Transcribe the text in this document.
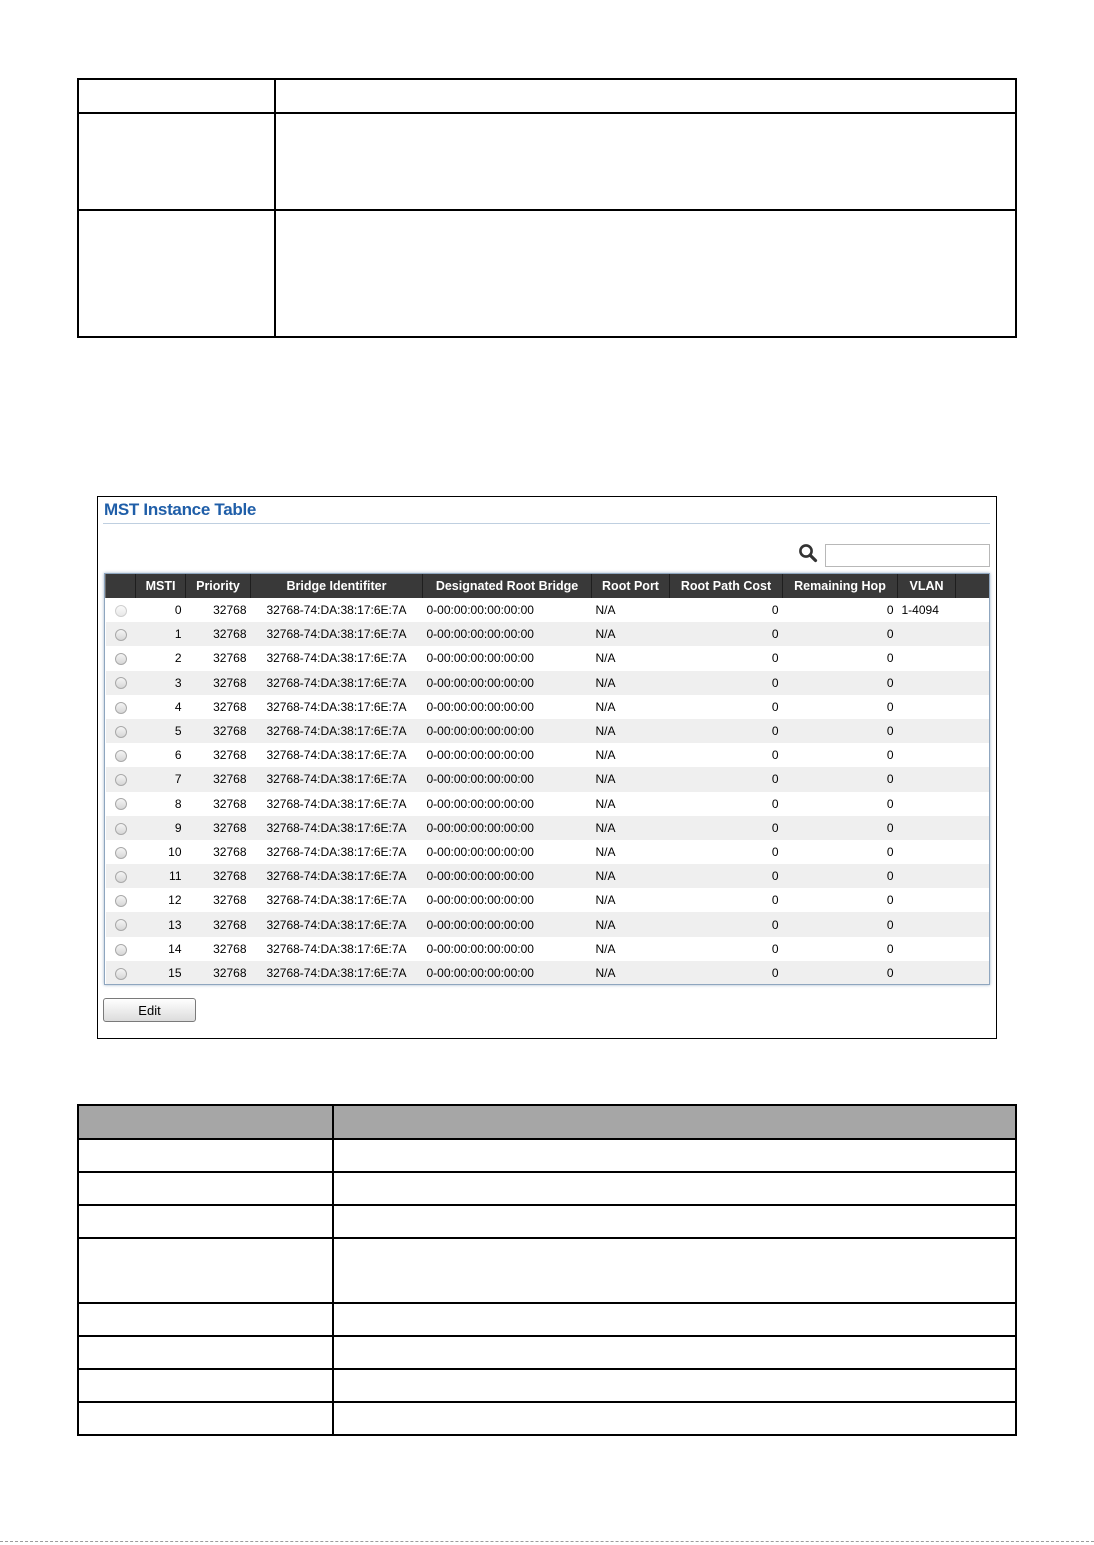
MST Instance Table
	MSTI	Priority	Bridge Identifiter	Designated Root Bridge	Root Port	Root Path Cost	Remaining Hop	VLAN	
	0	32768	32768-74:DA:38:17:6E:7A	0-00:00:00:00:00:00	N/A	0	0	1-4094	
	1	32768	32768-74:DA:38:17:6E:7A	0-00:00:00:00:00:00	N/A	0	0		
	2	32768	32768-74:DA:38:17:6E:7A	0-00:00:00:00:00:00	N/A	0	0		
	3	32768	32768-74:DA:38:17:6E:7A	0-00:00:00:00:00:00	N/A	0	0		
	4	32768	32768-74:DA:38:17:6E:7A	0-00:00:00:00:00:00	N/A	0	0		
	5	32768	32768-74:DA:38:17:6E:7A	0-00:00:00:00:00:00	N/A	0	0		
	6	32768	32768-74:DA:38:17:6E:7A	0-00:00:00:00:00:00	N/A	0	0		
	7	32768	32768-74:DA:38:17:6E:7A	0-00:00:00:00:00:00	N/A	0	0		
	8	32768	32768-74:DA:38:17:6E:7A	0-00:00:00:00:00:00	N/A	0	0		
	9	32768	32768-74:DA:38:17:6E:7A	0-00:00:00:00:00:00	N/A	0	0		
	10	32768	32768-74:DA:38:17:6E:7A	0-00:00:00:00:00:00	N/A	0	0		
	11	32768	32768-74:DA:38:17:6E:7A	0-00:00:00:00:00:00	N/A	0	0		
	12	32768	32768-74:DA:38:17:6E:7A	0-00:00:00:00:00:00	N/A	0	0		
	13	32768	32768-74:DA:38:17:6E:7A	0-00:00:00:00:00:00	N/A	0	0		
	14	32768	32768-74:DA:38:17:6E:7A	0-00:00:00:00:00:00	N/A	0	0		
	15	32768	32768-74:DA:38:17:6E:7A	0-00:00:00:00:00:00	N/A	0	0		
Edit
